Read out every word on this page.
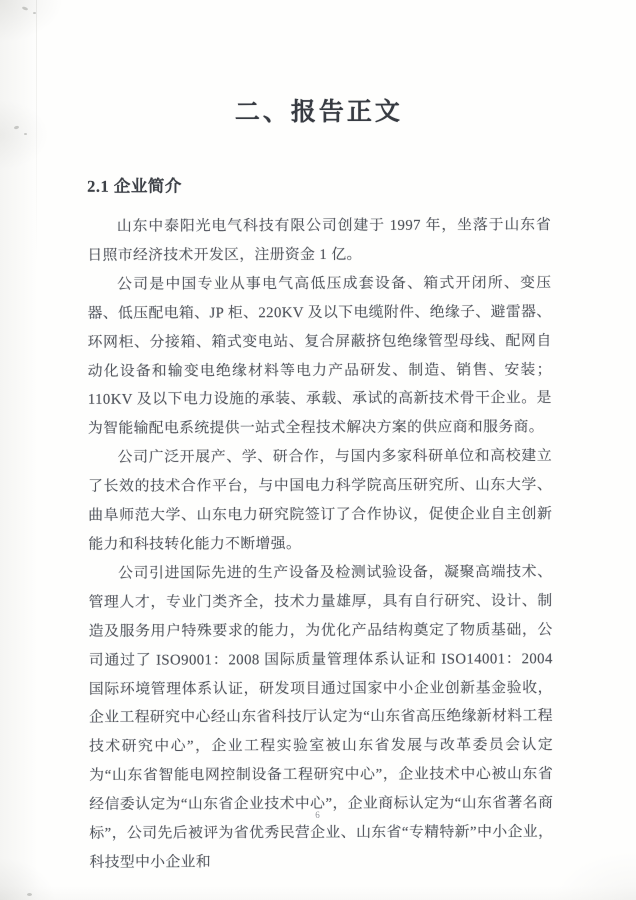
二、报告正文
2.1 企业简介

山东中泰阳光电气科技有限公司创建于 1997 年，坐落于山东省日照市经济技术开发区，注册资金 1 亿。

公司是中国专业从事电气高低压成套设备、箱式开闭所、变压器、低压配电箱、JP 柜、220KV 及以下电缆附件、绝缘子、避雷器、环网柜、分接箱、箱式变电站、复合屏蔽挤包绝缘管型母线、配网自动化设备和输变电绝缘材料等电力产品研发、制造、销售、安装；110KV 及以下电力设施的承装、承载、承试的高新技术骨干企业。是为智能输配电系统提供一站式全程技术解决方案的供应商和服务商。

公司广泛开展产、学、研合作，与国内多家科研单位和高校建立了长效的技术合作平台，与中国电力科学院高压研究所、山东大学、曲阜师范大学、山东电力研究院签订了合作协议，促使企业自主创新能力和科技转化能力不断增强。

公司引进国际先进的生产设备及检测试验设备，凝聚高端技术、管理人才，专业门类齐全，技术力量雄厚，具有自行研究、设计、制造及服务用户特殊要求的能力，为优化产品结构奠定了物质基础，公司通过了 ISO9001：2008 国际质量管理体系认证和 ISO14001：2004 国际环境管理体系认证，研发项目通过国家中小企业创新基金验收，企业工程研究中心经山东省科技厅认定为“山东省高压绝缘新材料工程技术研究中心”，企业工程实验室被山东省发展与改革委员会认定为“山东省智能电网控制设备工程研究中心”，企业技术中心被山东省经信委认定为“山东省企业技术中心”，企业商标认定为“山东省著名商标”，公司先后被评为省优秀民营企业、山东省“专精特新”中小企业，科技型中小企业和

6
